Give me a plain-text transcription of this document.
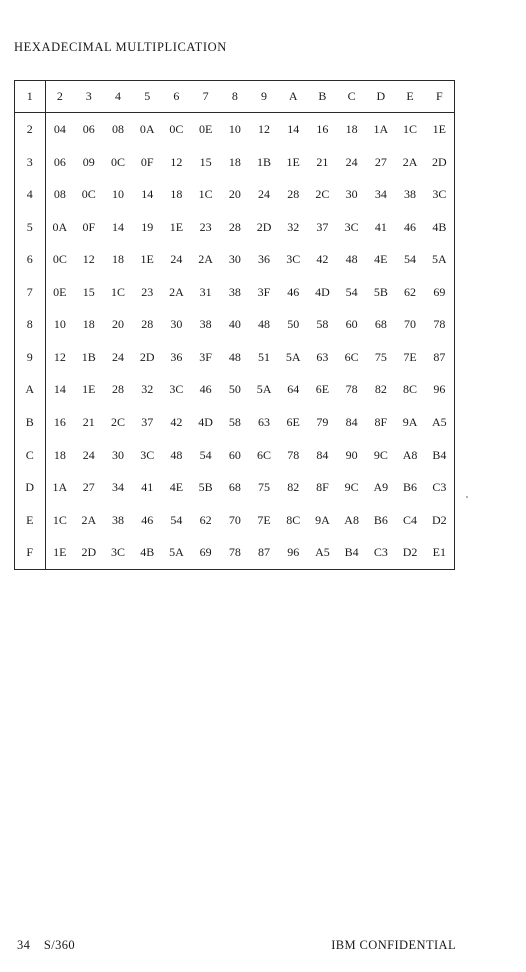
HEXADECIMAL MULTIPLICATION
1	2	3	4	5	6	7	8	9	A	B	C	D	E	F
2	04	06	08	0A	0C	0E	10	12	14	16	18	1A	1C	1E
3	06	09	0C	0F	12	15	18	1B	1E	21	24	27	2A	2D
4	08	0C	10	14	18	1C	20	24	28	2C	30	34	38	3C
5	0A	0F	14	19	1E	23	28	2D	32	37	3C	41	46	4B
6	0C	12	18	1E	24	2A	30	36	3C	42	48	4E	54	5A
7	0E	15	1C	23	2A	31	38	3F	46	4D	54	5B	62	69
8	10	18	20	28	30	38	40	48	50	58	60	68	70	78
9	12	1B	24	2D	36	3F	48	51	5A	63	6C	75	7E	87
A	14	1E	28	32	3C	46	50	5A	64	6E	78	82	8C	96
B	16	21	2C	37	42	4D	58	63	6E	79	84	8F	9A	A5
C	18	24	30	3C	48	54	60	6C	78	84	90	9C	A8	B4
D	1A	27	34	41	4E	5B	68	75	82	8F	9C	A9	B6	C3
E	1C	2A	38	46	54	62	70	7E	8C	9A	A8	B6	C4	D2
F	1E	2D	3C	4B	5A	69	78	87	96	A5	B4	C3	D2	E1
34 S/360	IBM CONFIDENTIAL
